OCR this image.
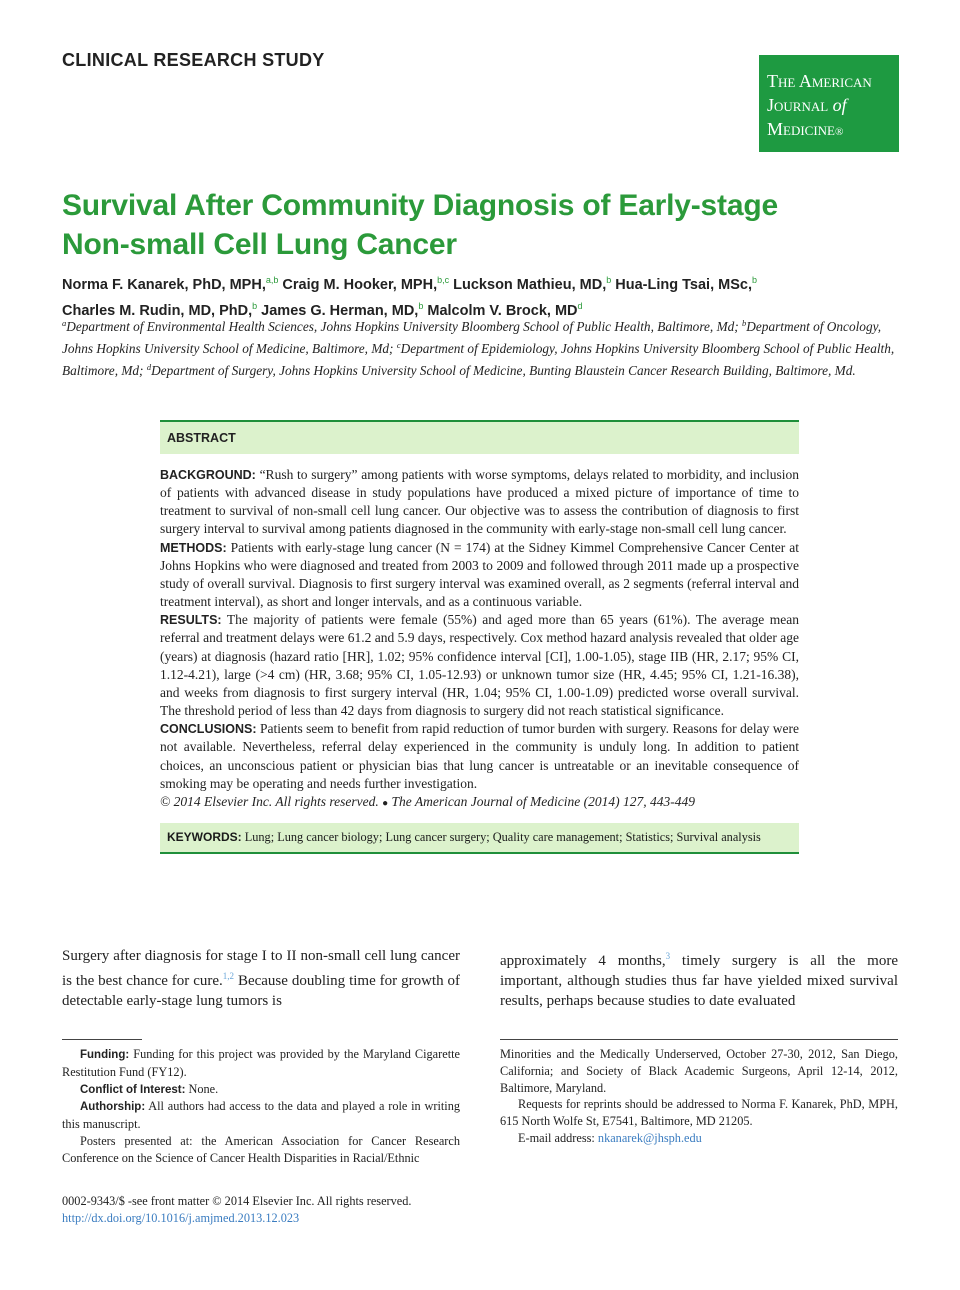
CLINICAL RESEARCH STUDY
The American
Journal of
Medicine®
Survival After Community Diagnosis of Early-stage
Non-small Cell Lung Cancer
Norma F. Kanarek, PhD, MPH,$^{a,b}$ Craig M. Hooker, MPH,$^{b,c}$ Luckson Mathieu, MD,$^b$ Hua-Ling Tsai, MSc,$^b$
Charles M. Rudin, MD, PhD,$^b$ James G. Herman, MD,$^b$ Malcolm V. Brock, $MD^d$
$^a$Department of Environmental Health Sciences, Johns Hopkins University Bloomberg School of Public Health, Baltimore, Md; $^b$Department of Oncology, Johns Hopkins University School of Medicine, Baltimore, Md; $^c$Department of Epidemiology, Johns Hopkins University Bloomberg School of Public Health, Baltimore, Md; $^d$Department of Surgery, Johns Hopkins University School of Medicine, Bunting Blaustein Cancer Research Building, Baltimore, Md.
ABSTRACT

BACKGROUND: “Rush to surgery” among patients with worse symptoms, delays related to morbidity, and inclusion of patients with advanced disease in study populations have produced a mixed picture of importance of time to treatment to survival of non-small cell lung cancer. Our objective was to assess the contribution of diagnosis to first surgery interval to survival among patients diagnosed in the community with early-stage non-small cell lung cancer.

METHODS: Patients with early-stage lung cancer (N = 174) at the Sidney Kimmel Comprehensive Cancer Center at Johns Hopkins who were diagnosed and treated from 2003 to 2009 and followed through 2011 made up a prospective study of overall survival. Diagnosis to first surgery interval was examined overall, as 2 segments (referral interval and treatment interval), as short and longer intervals, and as a continuous variable.

RESULTS: The majority of patients were female (55%) and aged more than 65 years (61%). The average mean referral and treatment delays were 61.2 and 5.9 days, respectively. Cox method hazard analysis revealed that older age (years) at diagnosis (hazard ratio [HR], 1.02; 95% confidence interval [CI], 1.00-1.05), stage IIB (HR, 2.17; 95% CI, 1.12-4.21), large (>4 cm) (HR, 3.68; 95% CI, 1.05-12.93) or unknown tumor size (HR, 4.45; 95% CI, 1.21-16.38), and weeks from diagnosis to first surgery interval (HR, 1.04; 95% CI, 1.00-1.09) predicted worse overall survival. The threshold period of less than 42 days from diagnosis to surgery did not reach statistical significance.

CONCLUSIONS: Patients seem to benefit from rapid reduction of tumor burden with surgery. Reasons for delay were not available. Nevertheless, referral delay experienced in the community is unduly long. In addition to patient choices, an unconscious patient or physician bias that lung cancer is untreatable or an inevitable consequence of smoking may be operating and needs further investigation.

© 2014 Elsevier Inc. All rights reserved. ● The American Journal of Medicine (2014) 127, 443-449

KEYWORDS: Lung; Lung cancer biology; Lung cancer surgery; Quality care management; Statistics; Survival analysis
Surgery after diagnosis for stage I to II non-small cell lung cancer is the best chance for cure.$^{1,2}$ Because doubling time for growth of detectable early-stage lung tumors is
approximately 4 months,$^3$ timely surgery is all the more important, although studies thus far have yielded mixed survival results, perhaps because studies to date evaluated

Funding: Funding for this project was provided by the Maryland Cigarette Restitution Fund (FY12).

Conflict of Interest: None.

Authorship: All authors had access to the data and played a role in writing this manuscript.

Posters presented at: the American Association for Cancer Research Conference on the Science of Cancer Health Disparities in Racial/Ethnic

Minorities and the Medically Underserved, October 27-30, 2012, San Diego, California; and Society of Black Academic Surgeons, April 12-14, 2012, Baltimore, Maryland.

Requests for reprints should be addressed to Norma F. Kanarek, PhD, MPH, 615 North Wolfe St, E7541, Baltimore, MD 21205.

E-mail address: nkanarek@jhsph.edu

0002-9343/$ -see front matter © 2014 Elsevier Inc. All rights reserved.
http://dx.doi.org/10.1016/j.amjmed.2013.12.023
